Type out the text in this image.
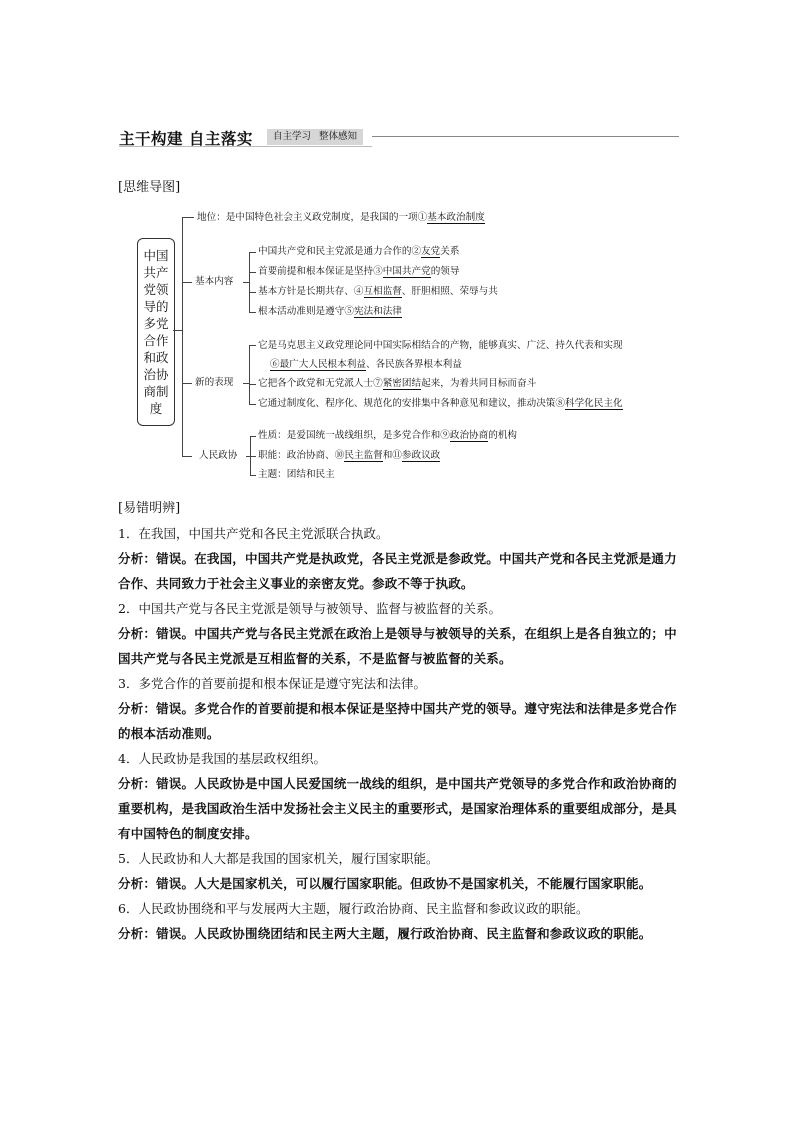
主干构建 自主落实	自主学习 整体感知
[思维导图]
中国共产党领导的多党合作和政治协商制度
地位：是中国特色社会主义政党制度，是我国的一项①基本政治制度
基本内容
中国共产党和民主党派是通力合作的②友党关系
首要前提和根本保证是坚持③中国共产党的领导
基本方针是长期共存、④互相监督、肝胆相照、荣辱与共
根本活动准则是遵守⑤宪法和法律
新的表现
它是马克思主义政党理论同中国实际相结合的产物，能够真实、广泛、持久代表和实现
⑥最广大人民根本利益、各民族各界根本利益
它把各个政党和无党派人士⑦紧密团结起来，为着共同目标而奋斗
它通过制度化、程序化、规范化的安排集中各种意见和建议，推动决策⑧科学化民主化
人民政协
性质：是爱国统一战线组织，是多党合作和⑨政治协商的机构
职能：政治协商、⑩民主监督和⑪参政议政
主题：团结和民主
[易错明辨]

1．在我国，中国共产党和各民主党派联合执政。

分析：错误。在我国，中国共产党是执政党，各民主党派是参政党。中国共产党和各民主党派是通力合作、共同致力于社会主义事业的亲密友党。参政不等于执政。

2．中国共产党与各民主党派是领导与被领导、监督与被监督的关系。

分析：错误。中国共产党与各民主党派在政治上是领导与被领导的关系，在组织上是各自独立的；中国共产党与各民主党派是互相监督的关系，不是监督与被监督的关系。

3．多党合作的首要前提和根本保证是遵守宪法和法律。

分析：错误。多党合作的首要前提和根本保证是坚持中国共产党的领导。遵守宪法和法律是多党合作的根本活动准则。

4．人民政协是我国的基层政权组织。

分析：错误。人民政协是中国人民爱国统一战线的组织，是中国共产党领导的多党合作和政治协商的重要机构，是我国政治生活中发扬社会主义民主的重要形式，是国家治理体系的重要组成部分，是具有中国特色的制度安排。

5．人民政协和人大都是我国的国家机关，履行国家职能。

分析：错误。人大是国家机关，可以履行国家职能。但政协不是国家机关，不能履行国家职能。

6．人民政协围绕和平与发展两大主题，履行政治协商、民主监督和参政议政的职能。

分析：错误。人民政协围绕团结和民主两大主题，履行政治协商、民主监督和参政议政的职能。
